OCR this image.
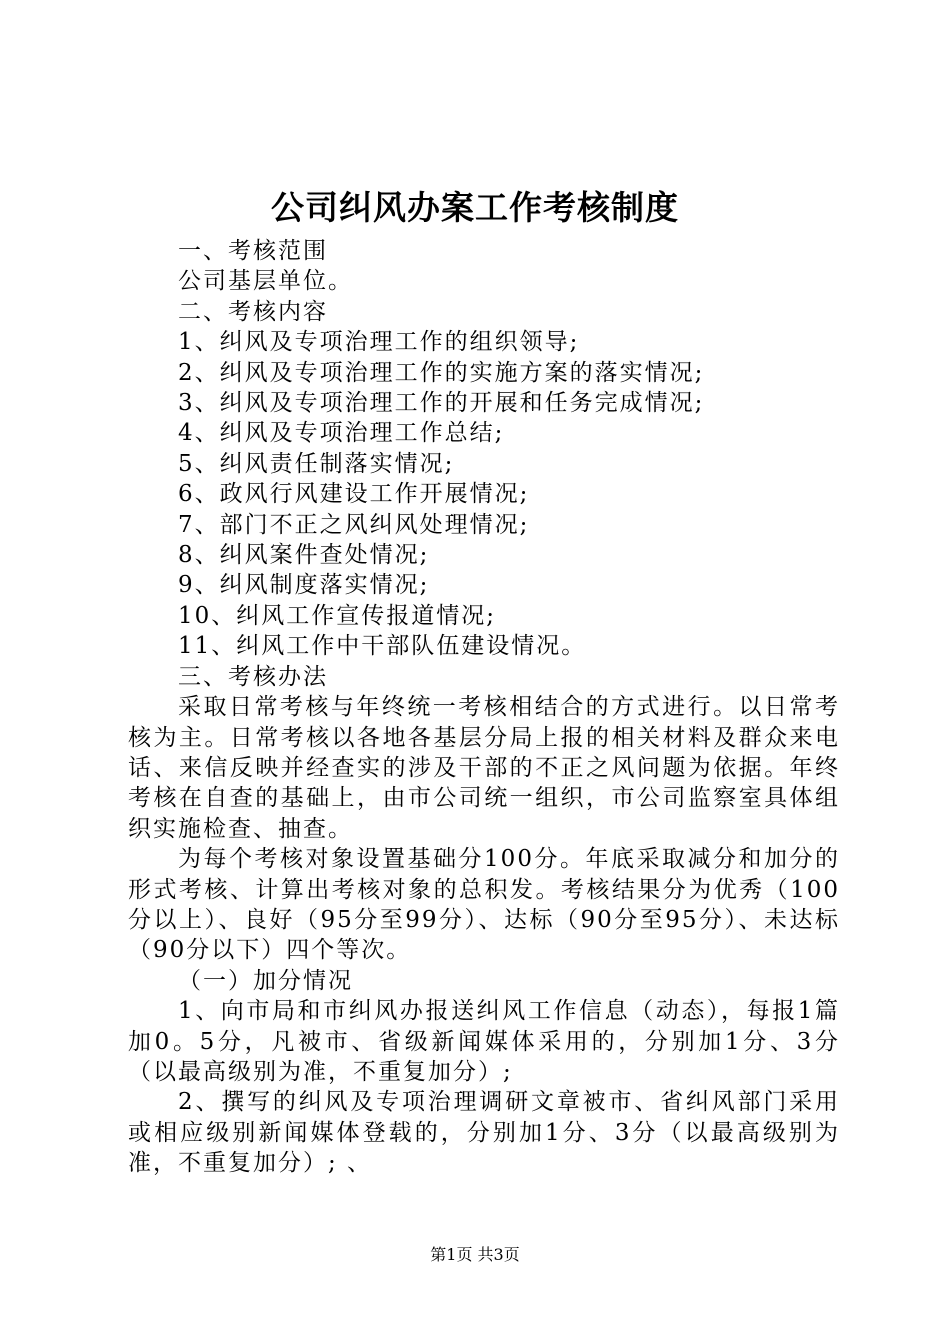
公司纠风办案工作考核制度

一、考核范围

公司基层单位。

二、考核内容

1、纠风及专项治理工作的组织领导;

2、纠风及专项治理工作的实施方案的落实情况;

3、纠风及专项治理工作的开展和任务完成情况;

4、纠风及专项治理工作总结;

5、纠风责任制落实情况;

6、政风行风建设工作开展情况;

7、部门不正之风纠风处理情况;

8、纠风案件查处情况;

9、纠风制度落实情况;

10、纠风工作宣传报道情况;

11、纠风工作中干部队伍建设情况。

三、考核办法

采取日常考核与年终统一考核相结合的方式进行。以日常考核为主。日常考核以各地各基层分局上报的相关材料及群众来电话、来信反映并经查实的涉及干部的不正之风问题为依据。年终考核在自查的基础上，由市公司统一组织，市公司监察室具体组织实施检查、抽查。

为每个考核对象设置基础分100分。年底采取减分和加分的形式考核、计算出考核对象的总积发。考核结果分为优秀（100分以上）、良好（95分至99分）、达标（90分至95分）、未达标（90分以下）四个等次。

（一）加分情况

1、向市局和市纠风办报送纠风工作信息（动态），每报1篇加0。5分，凡被市、省级新闻媒体采用的，分别加1分、3分（以最高级别为准，不重复加分）;

2、撰写的纠风及专项治理调研文章被市、省纠风部门采用或相应级别新闻媒体登载的，分别加1分、3分（以最高级别为准，不重复加分）; 、

第1页 共3页
